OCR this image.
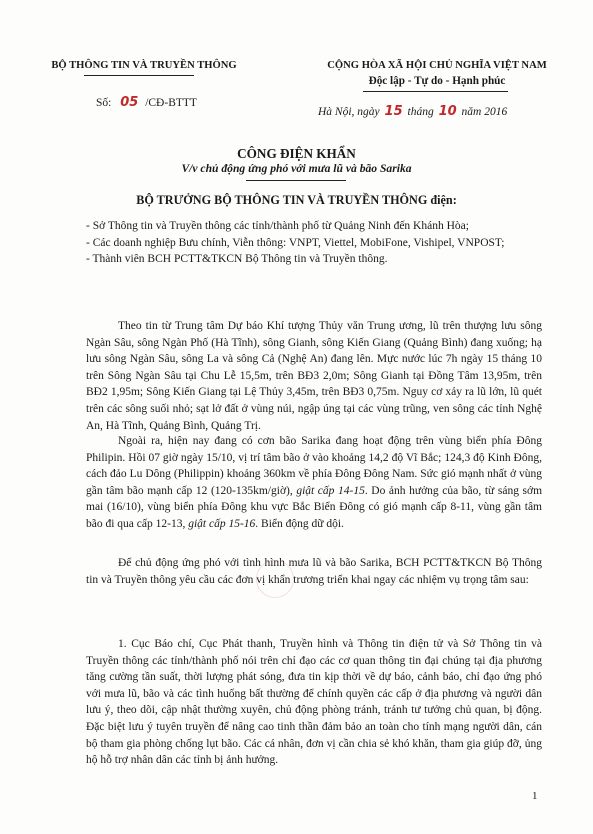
BỘ THÔNG TIN VÀ TRUYỀN THÔNG	CỘNG HÒA XÃ HỘI CHỦ NGHĨA VIỆT NAM
Độc lập - Tự do - Hạnh phúc
Số: 05 /CĐ-BTTT
Hà Nội, ngày 15 tháng 10 năm 2016
CÔNG ĐIỆN KHẨN
V/v chủ động ứng phó với mưa lũ và bão Sarika
BỘ TRƯỞNG BỘ THÔNG TIN VÀ TRUYỀN THÔNG điện:

- Sở Thông tin và Truyền thông các tỉnh/thành phố từ Quảng Ninh đến Khánh Hòa;

- Các doanh nghiệp Bưu chính, Viễn thông: VNPT, Viettel, MobiFone, Vishipel, VNPOST;

- Thành viên BCH PCTT&TKCN Bộ Thông tin và Truyền thông.

Theo tin từ Trung tâm Dự báo Khí tượng Thủy văn Trung ương, lũ trên thượng lưu sông Ngàn Sâu, sông Ngàn Phố (Hà Tĩnh), sông Gianh, sông Kiến Giang (Quảng Bình) đang xuống; hạ lưu sông Ngàn Sâu, sông La và sông Cả (Nghệ An) đang lên. Mực nước lúc 7h ngày 15 tháng 10 trên Sông Ngàn Sâu tại Chu Lễ 15,5m, trên BĐ3 2,0m; Sông Gianh tại Đồng Tâm 13,95m, trên BĐ2 1,95m; Sông Kiến Giang tại Lệ Thủy 3,45m, trên BĐ3 0,75m. Nguy cơ xảy ra lũ lớn, lũ quét trên các sông suối nhỏ; sạt lở đất ở vùng núi, ngập úng tại các vùng trũng, ven sông các tỉnh Nghệ An, Hà Tĩnh, Quảng Bình, Quảng Trị.

Ngoài ra, hiện nay đang có cơn bão Sarika đang hoạt động trên vùng biển phía Đông Philipin. Hồi 07 giờ ngày 15/10, vị trí tâm bão ở vào khoảng 14,2 độ Vĩ Bắc; 124,3 độ Kinh Đông, cách đảo Lu Dông (Philippin) khoảng 360km về phía Đông Đông Nam. Sức gió mạnh nhất ở vùng gần tâm bão mạnh cấp 12 (120-135km/giờ), giật cấp 14-15. Do ảnh hưởng của bão, từ sáng sớm mai (16/10), vùng biển phía Đông khu vực Bắc Biển Đông có gió mạnh cấp 8-11, vùng gần tâm bão đi qua cấp 12-13, giật cấp 15-16. Biển động dữ dội.

Để chủ động ứng phó với tình hình mưa lũ và bão Sarika, BCH PCTT&TKCN Bộ Thông tin và Truyền thông yêu cầu các đơn vị khẩn trương triển khai ngay các nhiệm vụ trọng tâm sau:

1. Cục Báo chí, Cục Phát thanh, Truyền hình và Thông tin điện tử và Sở Thông tin và Truyền thông các tỉnh/thành phố nói trên chỉ đạo các cơ quan thông tin đại chúng tại địa phương tăng cường tần suất, thời lượng phát sóng, đưa tin kịp thời về dự báo, cảnh báo, chỉ đạo ứng phó với mưa lũ, bão và các tình huống bất thường để chính quyền các cấp ở địa phương và người dân lưu ý, theo dõi, cập nhật thường xuyên, chủ động phòng tránh, tránh tư tưởng chủ quan, bị động. Đặc biệt lưu ý tuyên truyền để nâng cao tinh thần đảm bảo an toàn cho tính mạng người dân, cán bộ tham gia phòng chống lụt bão. Các cá nhân, đơn vị cần chia sẻ khó khăn, tham gia giúp đỡ, ủng hộ hỗ trợ nhân dân các tỉnh bị ảnh hưởng.

1
